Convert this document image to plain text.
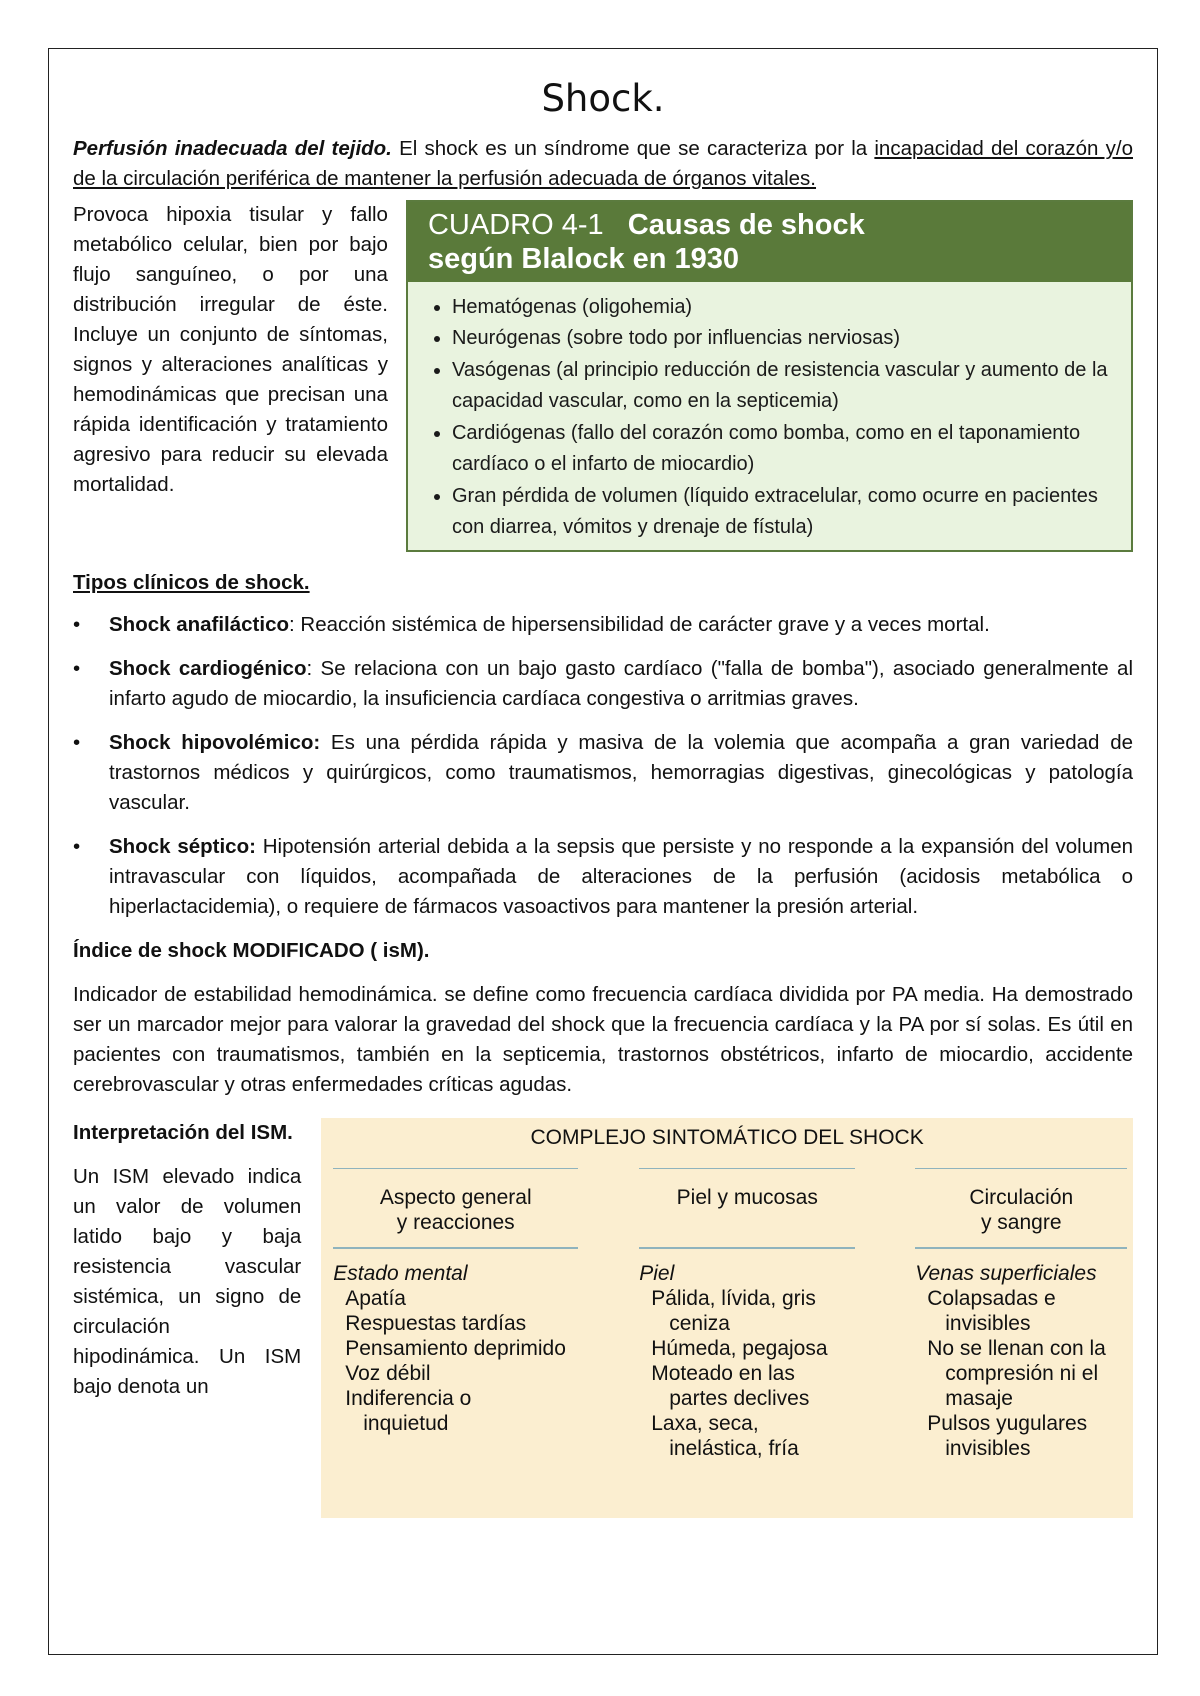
Shock.

Perfusión inadecuada del tejido. El shock es un síndrome que se caracteriza por la incapacidad del corazón y/o de la circulación periférica de mantener la perfusión adecuada de órganos vitales.

Provoca hipoxia tisular y fallo metabólico celular, bien por bajo flujo sanguíneo, o por una distribución irregular de éste. Incluye un conjunto de síntomas, signos y alteraciones analíticas y hemodinámicas que precisan una rápida identificación y tratamiento agresivo para reducir su elevada mortalidad.

CUADRO 4-1 Causas de shock
según Blalock en 1930
• Hematógenas (oligohemia)
• Neurógenas (sobre todo por influencias nerviosas)
• Vasógenas (al principio reducción de resistencia vascular y aumento de la capacidad vascular, como en la septicemia)
• Cardiógenas (fallo del corazón como bomba, como en el taponamiento cardíaco o el infarto de miocardio)
• Gran pérdida de volumen (líquido extracelular, como ocurre en pacientes con diarrea, vómitos y drenaje de fístula)

Tipos clínicos de shock.

• Shock anafiláctico: Reacción sistémica de hipersensibilidad de carácter grave y a veces mortal.
• Shock cardiogénico: Se relaciona con un bajo gasto cardíaco ("falla de bomba"), asociado generalmente al infarto agudo de miocardio, la insuficiencia cardíaca congestiva o arritmias graves.
• Shock hipovolémico: Es una pérdida rápida y masiva de la volemia que acompaña a gran variedad de trastornos médicos y quirúrgicos, como traumatismos, hemorragias digestivas, ginecológicas y patología vascular.
• Shock séptico: Hipotensión arterial debida a la sepsis que persiste y no responde a la expansión del volumen intravascular con líquidos, acompañada de alteraciones de la perfusión (acidosis metabólica o hiperlactacidemia), o requiere de fármacos vasoactivos para mantener la presión arterial.

Índice de shock MODIFICADO ( isM).

Indicador de estabilidad hemodinámica. se define como frecuencia cardíaca dividida por PA media. Ha demostrado ser un marcador mejor para valorar la gravedad del shock que la frecuencia cardíaca y la PA por sí solas. Es útil en pacientes con traumatismos, también en la septicemia, trastornos obstétricos, infarto de miocardio, accidente cerebrovascular y otras enfermedades críticas agudas.

Interpretación del ISM.

Un ISM elevado indica un valor de volumen latido bajo y baja resistencia vascular sistémica, un signo de circulación hipodinámica. Un ISM bajo denota un

COMPLEJO SINTOMÁTICO DEL SHOCK
Aspecto general
y reacciones
Estado mental
Apatía
Respuestas tardías
Pensamiento deprimido
Voz débil
Indiferencia o
inquietud
Piel y mucosas

Piel
Pálida, lívida, gris
ceniza
Húmeda, pegajosa
Moteado en las
partes declives
Laxa, seca,
inelástica, fría
Circulación
y sangre
Venas superficiales
Colapsadas e
invisibles
No se llenan con la
compresión ni el
masaje
Pulsos yugulares
invisibles
